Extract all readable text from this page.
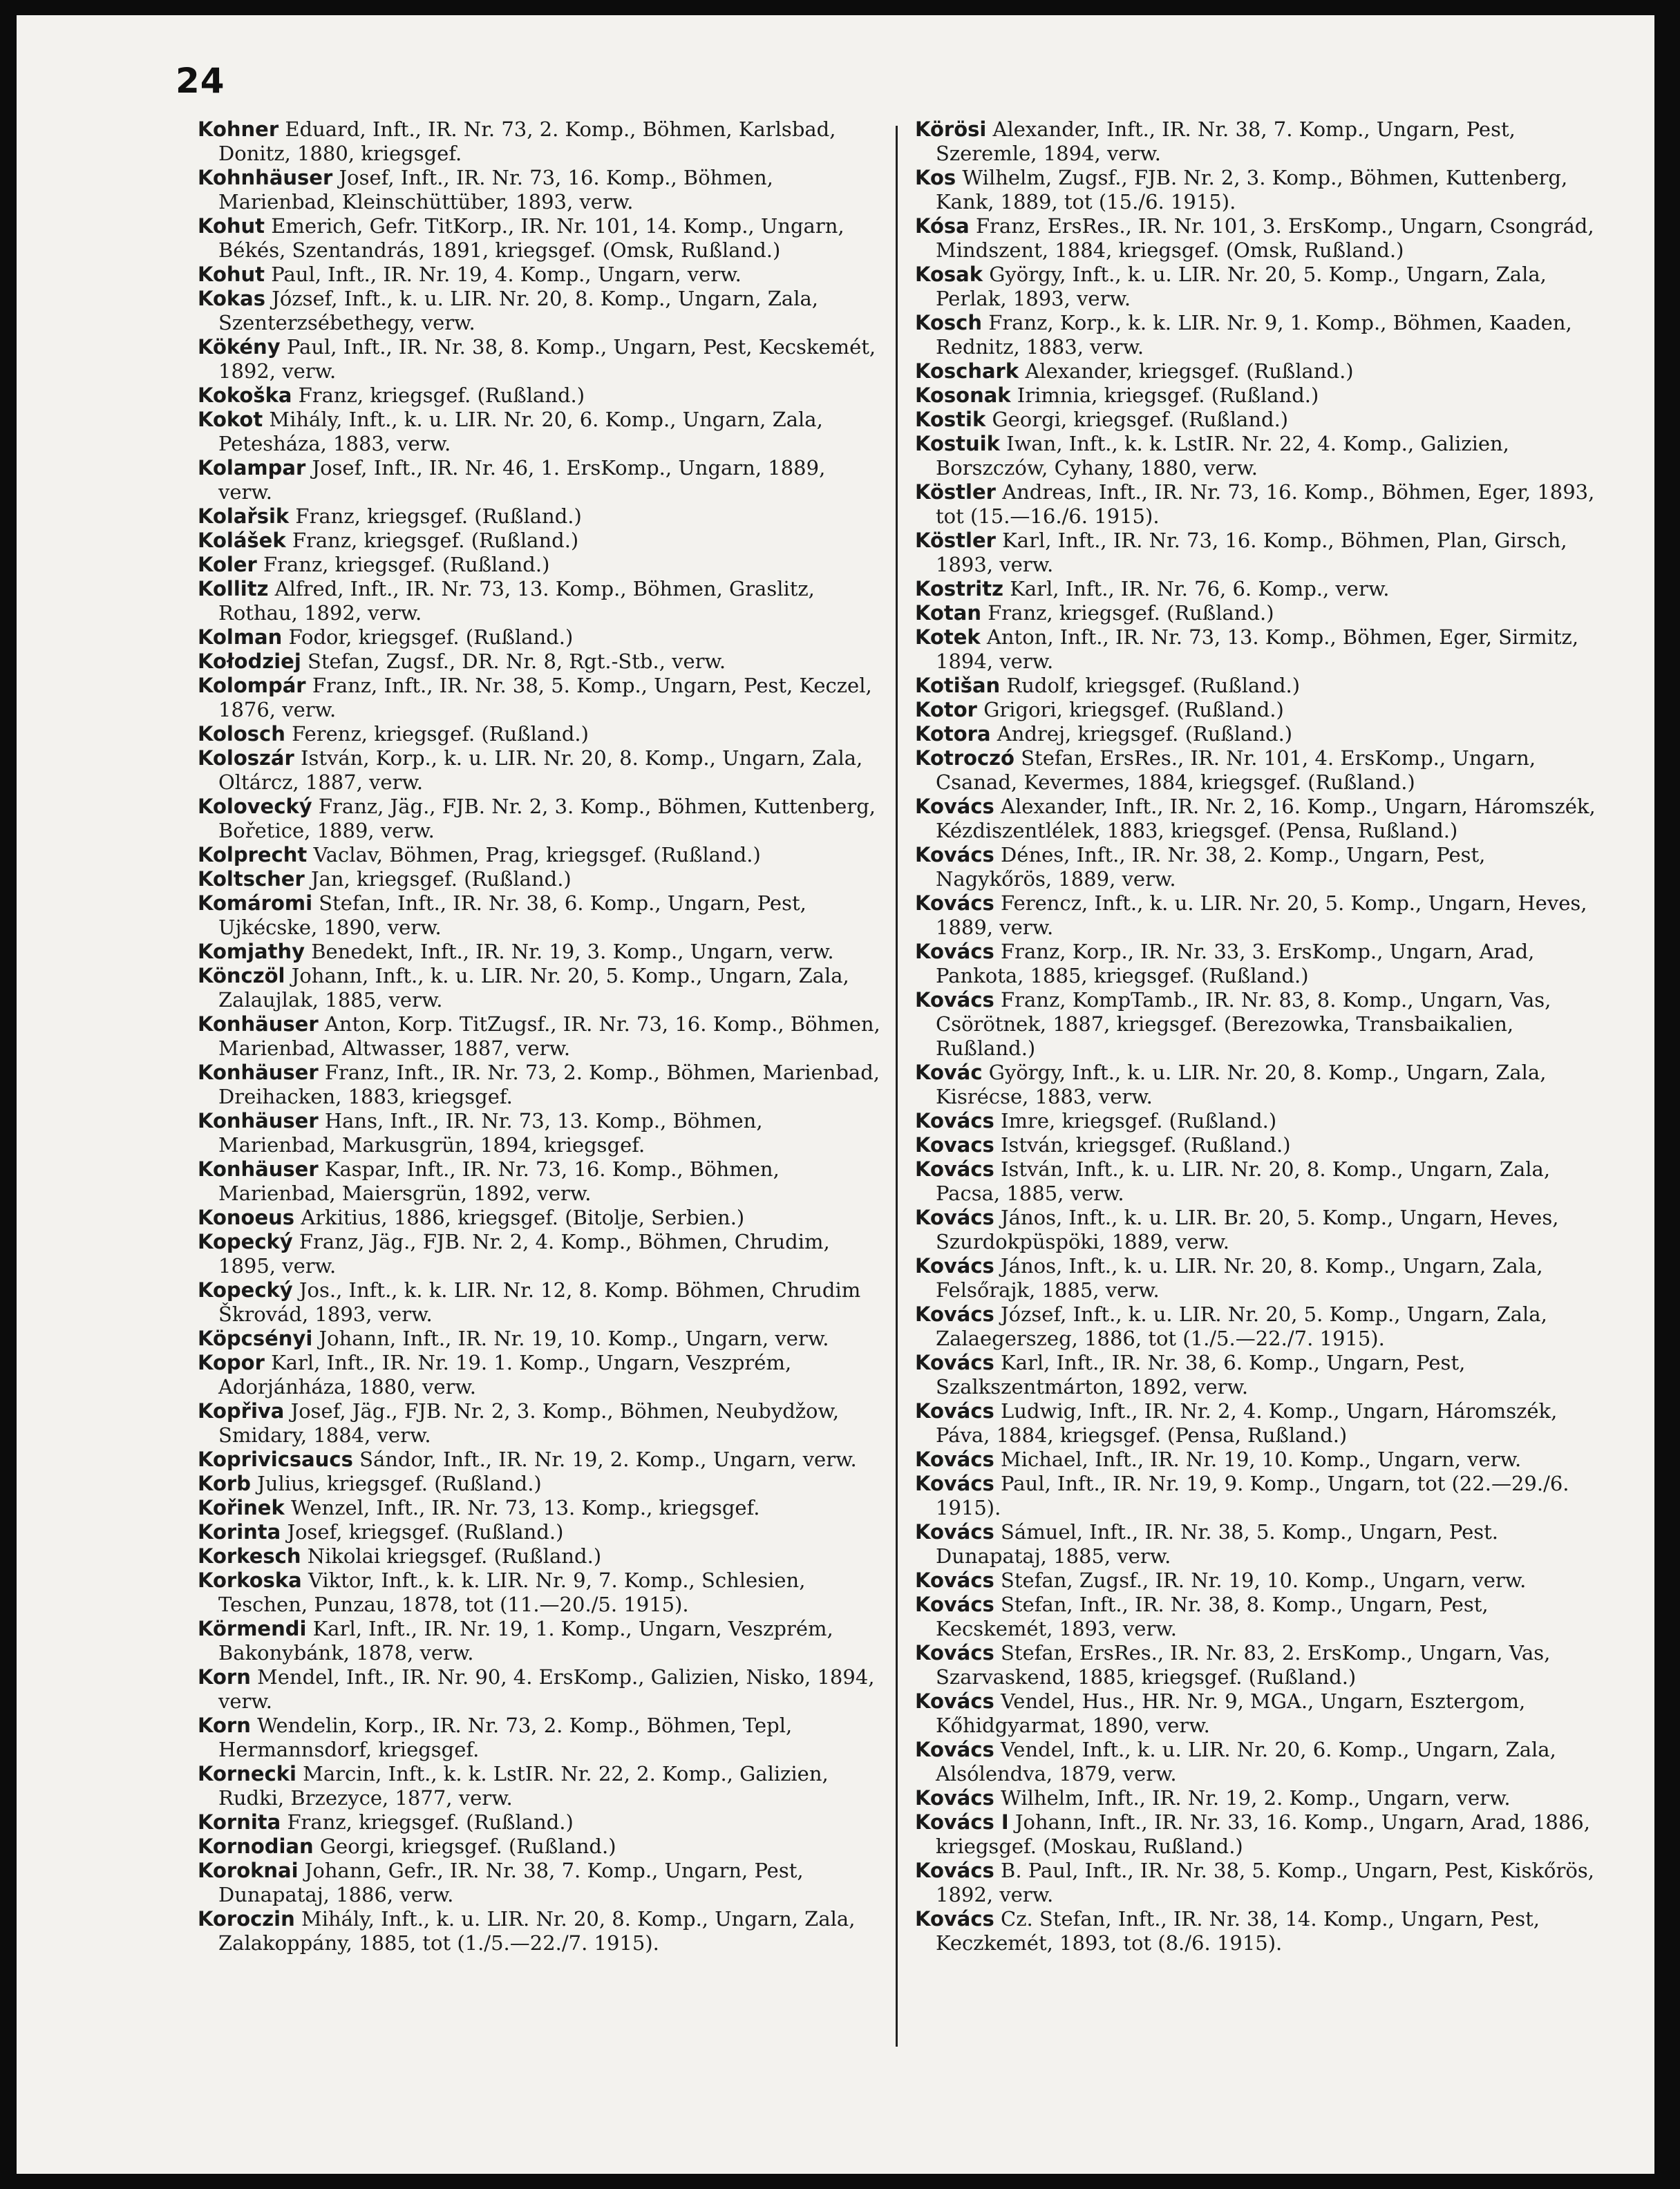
24

Kohner Eduard, Inft., IR. Nr. 73, 2. Komp., Böhmen, Karlsbad, Donitz, 1880, kriegsgef.

Kohnhäuser Josef, Inft., IR. Nr. 73, 16. Komp., Böhmen, Marienbad, Kleinschüttüber, 1893, verw.

Kohut Emerich, Gefr. TitKorp., IR. Nr. 101, 14. Komp., Ungarn, Békés, Szentandrás, 1891, kriegsgef. (Omsk, Rußland.)

Kohut Paul, Inft., IR. Nr. 19, 4. Komp., Ungarn, verw.

Kokas József, Inft., k. u. LIR. Nr. 20, 8. Komp., Ungarn, Zala, Szenterzsébethegy, verw.

Kökény Paul, Inft., IR. Nr. 38, 8. Komp., Ungarn, Pest, Kecskemét, 1892, verw.

Kokoška Franz, kriegsgef. (Rußland.)

Kokot Mihály, Inft., k. u. LIR. Nr. 20, 6. Komp., Ungarn, Zala, Petesháza, 1883, verw.

Kolampar Josef, Inft., IR. Nr. 46, 1. ErsKomp., Ungarn, 1889, verw.

Kolařsik Franz, kriegsgef. (Rußland.)

Kolášek Franz, kriegsgef. (Rußland.)

Koler Franz, kriegsgef. (Rußland.)

Kollitz Alfred, Inft., IR. Nr. 73, 13. Komp., Böhmen, Graslitz, Rothau, 1892, verw.

Kolman Fodor, kriegsgef. (Rußland.)

Kołodziej Stefan, Zugsf., DR. Nr. 8, Rgt.-Stb., verw.

Kolompár Franz, Inft., IR. Nr. 38, 5. Komp., Ungarn, Pest, Keczel, 1876, verw.

Kolosch Ferenz, kriegsgef. (Rußland.)

Koloszár István, Korp., k. u. LIR. Nr. 20, 8. Komp., Ungarn, Zala, Oltárcz, 1887, verw.

Kolovecký Franz, Jäg., FJB. Nr. 2, 3. Komp., Böhmen, Kuttenberg, Bořetice, 1889, verw.

Kolprecht Vaclav, Böhmen, Prag, kriegsgef. (Rußland.)

Koltscher Jan, kriegsgef. (Rußland.)

Komáromi Stefan, Inft., IR. Nr. 38, 6. Komp., Ungarn, Pest, Ujkécske, 1890, verw.

Komjathy Benedekt, Inft., IR. Nr. 19, 3. Komp., Ungarn, verw.

Könczöl Johann, Inft., k. u. LIR. Nr. 20, 5. Komp., Ungarn, Zala, Zalaujlak, 1885, verw.

Konhäuser Anton, Korp. TitZugsf., IR. Nr. 73, 16. Komp., Böhmen, Marienbad, Altwasser, 1887, verw.

Konhäuser Franz, Inft., IR. Nr. 73, 2. Komp., Böhmen, Marienbad, Dreihacken, 1883, kriegsgef.

Konhäuser Hans, Inft., IR. Nr. 73, 13. Komp., Böhmen, Marienbad, Markusgrün, 1894, kriegsgef.

Konhäuser Kaspar, Inft., IR. Nr. 73, 16. Komp., Böhmen, Marienbad, Maiersgrün, 1892, verw.

Konoeus Arkitius, 1886, kriegsgef. (Bitolje, Serbien.)

Kopecký Franz, Jäg., FJB. Nr. 2, 4. Komp., Böhmen, Chrudim, 1895, verw.

Kopecký Jos., Inft., k. k. LIR. Nr. 12, 8. Komp. Böhmen, Chrudim Škrovád, 1893, verw.

Köpcsényi Johann, Inft., IR. Nr. 19, 10. Komp., Ungarn, verw.

Kopor Karl, Inft., IR. Nr. 19. 1. Komp., Ungarn, Veszprém, Adorjánháza, 1880, verw.

Kopřiva Josef, Jäg., FJB. Nr. 2, 3. Komp., Böhmen, Neubydžow, Smidary, 1884, verw.

Koprivicsaucs Sándor, Inft., IR. Nr. 19, 2. Komp., Ungarn, verw.

Korb Julius, kriegsgef. (Rußland.)

Kořinek Wenzel, Inft., IR. Nr. 73, 13. Komp., kriegsgef.

Korinta Josef, kriegsgef. (Rußland.)

Korkesch Nikolai kriegsgef. (Rußland.)

Korkoska Viktor, Inft., k. k. LIR. Nr. 9, 7. Komp., Schlesien, Teschen, Punzau, 1878, tot (11.—20./5. 1915).

Körmendi Karl, Inft., IR. Nr. 19, 1. Komp., Ungarn, Veszprém, Bakonybánk, 1878, verw.

Korn Mendel, Inft., IR. Nr. 90, 4. ErsKomp., Galizien, Nisko, 1894, verw.

Korn Wendelin, Korp., IR. Nr. 73, 2. Komp., Böhmen, Tepl, Hermannsdorf, kriegsgef.

Kornecki Marcin, Inft., k. k. LstIR. Nr. 22, 2. Komp., Galizien, Rudki, Brzezyce, 1877, verw.

Kornita Franz, kriegsgef. (Rußland.)

Kornodian Georgi, kriegsgef. (Rußland.)

Koroknai Johann, Gefr., IR. Nr. 38, 7. Komp., Ungarn, Pest, Dunapataj, 1886, verw.

Koroczin Mihály, Inft., k. u. LIR. Nr. 20, 8. Komp., Ungarn, Zala, Zalakoppány, 1885, tot (1./5.—22./7. 1915).

Körösi Alexander, Inft., IR. Nr. 38, 7. Komp., Ungarn, Pest, Szeremle, 1894, verw.

Kos Wilhelm, Zugsf., FJB. Nr. 2, 3. Komp., Böhmen, Kuttenberg, Kank, 1889, tot (15./6. 1915).

Kósa Franz, ErsRes., IR. Nr. 101, 3. ErsKomp., Ungarn, Csongrád, Mindszent, 1884, kriegsgef. (Omsk, Rußland.)

Kosak György, Inft., k. u. LIR. Nr. 20, 5. Komp., Ungarn, Zala, Perlak, 1893, verw.

Kosch Franz, Korp., k. k. LIR. Nr. 9, 1. Komp., Böhmen, Kaaden, Rednitz, 1883, verw.

Koschark Alexander, kriegsgef. (Rußland.)

Kosonak Irimnia, kriegsgef. (Rußland.)

Kostik Georgi, kriegsgef. (Rußland.)

Kostuik Iwan, Inft., k. k. LstIR. Nr. 22, 4. Komp., Galizien, Borszczów, Cyhany, 1880, verw.

Köstler Andreas, Inft., IR. Nr. 73, 16. Komp., Böhmen, Eger, 1893, tot (15.—16./6. 1915).

Köstler Karl, Inft., IR. Nr. 73, 16. Komp., Böhmen, Plan, Girsch, 1893, verw.

Kostritz Karl, Inft., IR. Nr. 76, 6. Komp., verw.

Kotan Franz, kriegsgef. (Rußland.)

Kotek Anton, Inft., IR. Nr. 73, 13. Komp., Böhmen, Eger, Sirmitz, 1894, verw.

Kotišan Rudolf, kriegsgef. (Rußland.)

Kotor Grigori, kriegsgef. (Rußland.)

Kotora Andrej, kriegsgef. (Rußland.)

Kotroczó Stefan, ErsRes., IR. Nr. 101, 4. ErsKomp., Ungarn, Csanad, Kevermes, 1884, kriegsgef. (Rußland.)

Kovács Alexander, Inft., IR. Nr. 2, 16. Komp., Ungarn, Háromszék, Kézdiszentlélek, 1883, kriegsgef. (Pensa, Rußland.)

Kovács Dénes, Inft., IR. Nr. 38, 2. Komp., Ungarn, Pest, Nagykőrös, 1889, verw.

Kovács Ferencz, Inft., k. u. LIR. Nr. 20, 5. Komp., Ungarn, Heves, 1889, verw.

Kovács Franz, Korp., IR. Nr. 33, 3. ErsKomp., Ungarn, Arad, Pankota, 1885, kriegsgef. (Rußland.)

Kovács Franz, KompTamb., IR. Nr. 83, 8. Komp., Ungarn, Vas, Csörötnek, 1887, kriegsgef. (Berezowka, Transbaikalien, Rußland.)

Kovác György, Inft., k. u. LIR. Nr. 20, 8. Komp., Ungarn, Zala, Kisrécse, 1883, verw.

Kovács Imre, kriegsgef. (Rußland.)

Kovacs István, kriegsgef. (Rußland.)

Kovács István, Inft., k. u. LIR. Nr. 20, 8. Komp., Ungarn, Zala, Pacsa, 1885, verw.

Kovács János, Inft., k. u. LIR. Br. 20, 5. Komp., Ungarn, Heves, Szurdokpüspöki, 1889, verw.

Kovács János, Inft., k. u. LIR. Nr. 20, 8. Komp., Ungarn, Zala, Felsőrajk, 1885, verw.

Kovács József, Inft., k. u. LIR. Nr. 20, 5. Komp., Ungarn, Zala, Zalaegerszeg, 1886, tot (1./5.—22./7. 1915).

Kovács Karl, Inft., IR. Nr. 38, 6. Komp., Ungarn, Pest, Szalkszentmárton, 1892, verw.

Kovács Ludwig, Inft., IR. Nr. 2, 4. Komp., Ungarn, Háromszék, Páva, 1884, kriegsgef. (Pensa, Rußland.)

Kovács Michael, Inft., IR. Nr. 19, 10. Komp., Ungarn, verw.

Kovács Paul, Inft., IR. Nr. 19, 9. Komp., Ungarn, tot (22.—29./6. 1915).

Kovács Sámuel, Inft., IR. Nr. 38, 5. Komp., Ungarn, Pest. Dunapataj, 1885, verw.

Kovács Stefan, Zugsf., IR. Nr. 19, 10. Komp., Ungarn, verw.

Kovács Stefan, Inft., IR. Nr. 38, 8. Komp., Ungarn, Pest, Kecskemét, 1893, verw.

Kovács Stefan, ErsRes., IR. Nr. 83, 2. ErsKomp., Ungarn, Vas, Szarvaskend, 1885, kriegsgef. (Rußland.)

Kovács Vendel, Hus., HR. Nr. 9, MGA., Ungarn, Esztergom, Kőhidgyarmat, 1890, verw.

Kovács Vendel, Inft., k. u. LIR. Nr. 20, 6. Komp., Ungarn, Zala, Alsólendva, 1879, verw.

Kovács Wilhelm, Inft., IR. Nr. 19, 2. Komp., Ungarn, verw.

Kovács I Johann, Inft., IR. Nr. 33, 16. Komp., Ungarn, Arad, 1886, kriegsgef. (Moskau, Rußland.)

Kovács B. Paul, Inft., IR. Nr. 38, 5. Komp., Ungarn, Pest, Kiskőrös, 1892, verw.

Kovács Cz. Stefan, Inft., IR. Nr. 38, 14. Komp., Ungarn, Pest, Keczkemét, 1893, tot (8./6. 1915).
